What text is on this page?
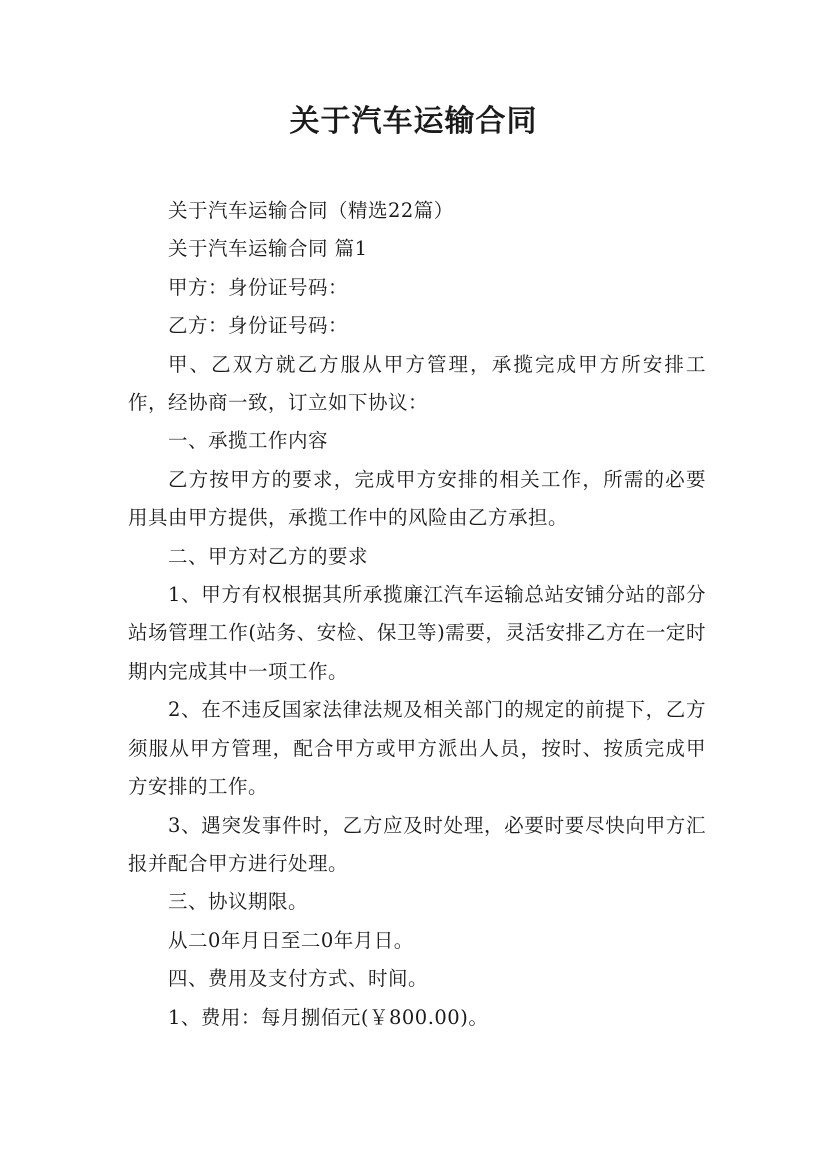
关于汽车运输合同

关于汽车运输合同（精选22篇）

关于汽车运输合同 篇1

甲方：身份证号码：

乙方：身份证号码：

甲、乙双方就乙方服从甲方管理，承揽完成甲方所安排工作，经协商一致，订立如下协议：

一、承揽工作内容

乙方按甲方的要求，完成甲方安排的相关工作，所需的必要用具由甲方提供，承揽工作中的风险由乙方承担。

二、甲方对乙方的要求

1、甲方有权根据其所承揽廉江汽车运输总站安铺分站的部分站场管理工作(站务、安检、保卫等)需要，灵活安排乙方在一定时期内完成其中一项工作。

2、在不违反国家法律法规及相关部门的规定的前提下，乙方须服从甲方管理，配合甲方或甲方派出人员，按时、按质完成甲方安排的工作。

3、遇突发事件时，乙方应及时处理，必要时要尽快向甲方汇报并配合甲方进行处理。

三、协议期限。

从二0年月日至二0年月日。

四、费用及支付方式、时间。

1、费用：每月捌佰元(￥800.00)。
